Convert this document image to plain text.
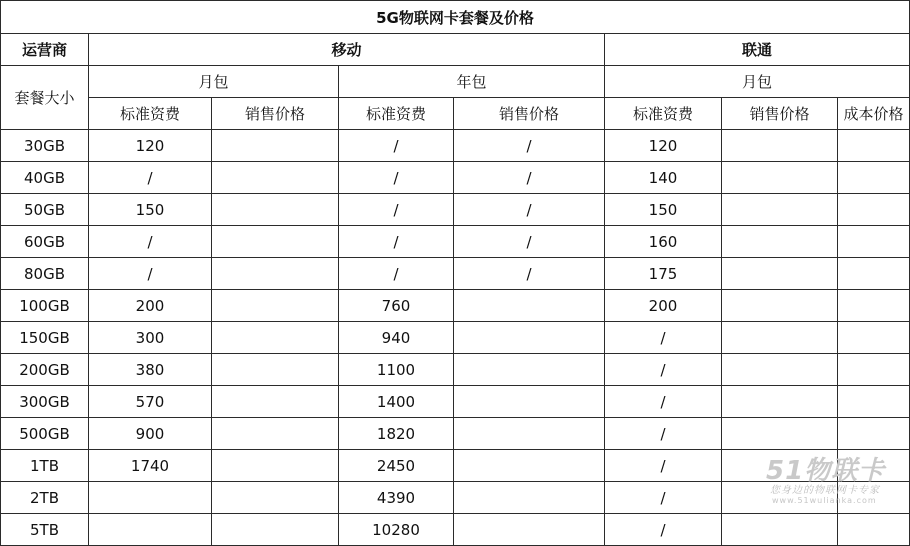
5G物联网卡套餐及价格							
运营商	移动				联通		
套餐大小	月包		年包		月包		
	标准资费	销售价格	标准资费	销售价格	标准资费	销售价格	成本价格
30GB	120		/	/	120		
40GB	/		/	/	140		
50GB	150		/	/	150		
60GB	/		/	/	160		
80GB	/		/	/	175		
100GB	200		760		200		
150GB	300		940		/		
200GB	380		1100		/		
300GB	570		1400		/		
500GB	900		1820		/		
1TB	1740		2450		/		
2TB			4390		/		
5TB			10280		/		
51物联卡
您身边的物联网卡专家
www.51wulianka.com
